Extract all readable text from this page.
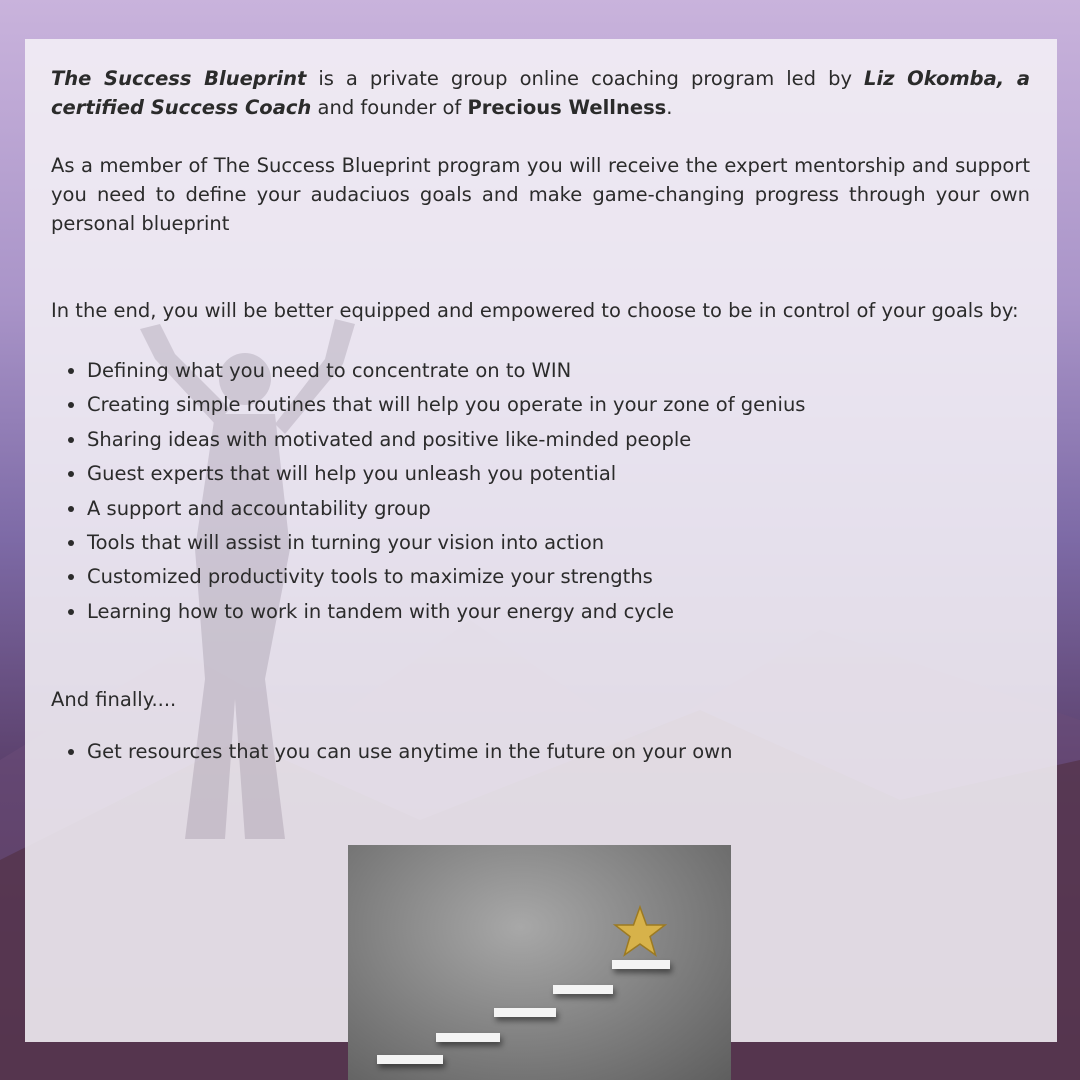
The Success Blueprint is a private group online coaching program led by Liz Okomba, a certified Success Coach and founder of Precious Wellness.

As a member of The Success Blueprint program you will receive the expert mentorship and support you need to define your audaciuos goals and make game-changing progress through your own personal blueprint

In the end, you will be better equipped and empowered to choose to be in control of your goals by:

• Defining what you need to concentrate on to WIN
• Creating simple routines that will help you operate in your zone of genius
• Sharing ideas with motivated and positive like-minded people
• Guest experts that will help you unleash you potential
• A support and accountability group
• Tools that will assist in turning your vision into action
• Customized productivity tools to maximize your strengths
• Learning how to work in tandem with your energy and cycle

And finally....

• Get resources that you can use anytime in the future on your own
